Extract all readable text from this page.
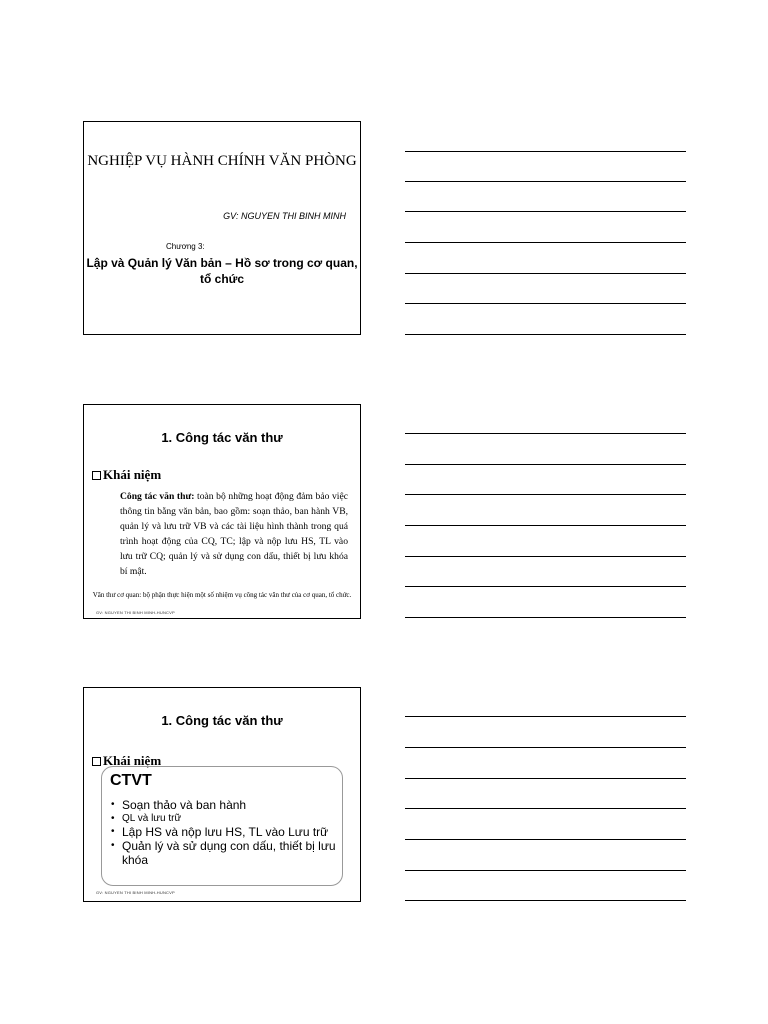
NGHIỆP VỤ HÀNH CHÍNH VĂN PHÒNG
GV: NGUYEN THI BINH MINH
Chương 3:
Lập và Quản lý Văn bản – Hồ sơ trong cơ quan, tổ chức
1. Công tác văn thư
Khái niệm
Công tác văn thư: toàn bộ những hoạt động đảm bảo việc thông tin bằng văn bản, bao gồm: soạn thảo, ban hành VB, quản lý và lưu trữ VB và các tài liệu hình thành trong quá trình hoạt động của CQ, TC; lập và nộp lưu HS, TL vào lưu trữ CQ; quản lý và sử dụng con dấu, thiết bị lưu khóa bí mật.
Văn thư cơ quan: bộ phận thực hiện một số nhiệm vụ công tác văn thư của cơ quan, tổ chức.
GV: NGUYEN THI BINH MINH-HUNCVP
1. Công tác văn thư
Khái niệm
CTVT
• Soạn thảo và ban hành
• QL và lưu trữ
• Lập HS và nộp lưu HS, TL vào Lưu trữ
• Quản lý và sử dụng con dấu, thiết bị lưu khóa
GV: NGUYEN THI BINH MINH-HUNCVP
